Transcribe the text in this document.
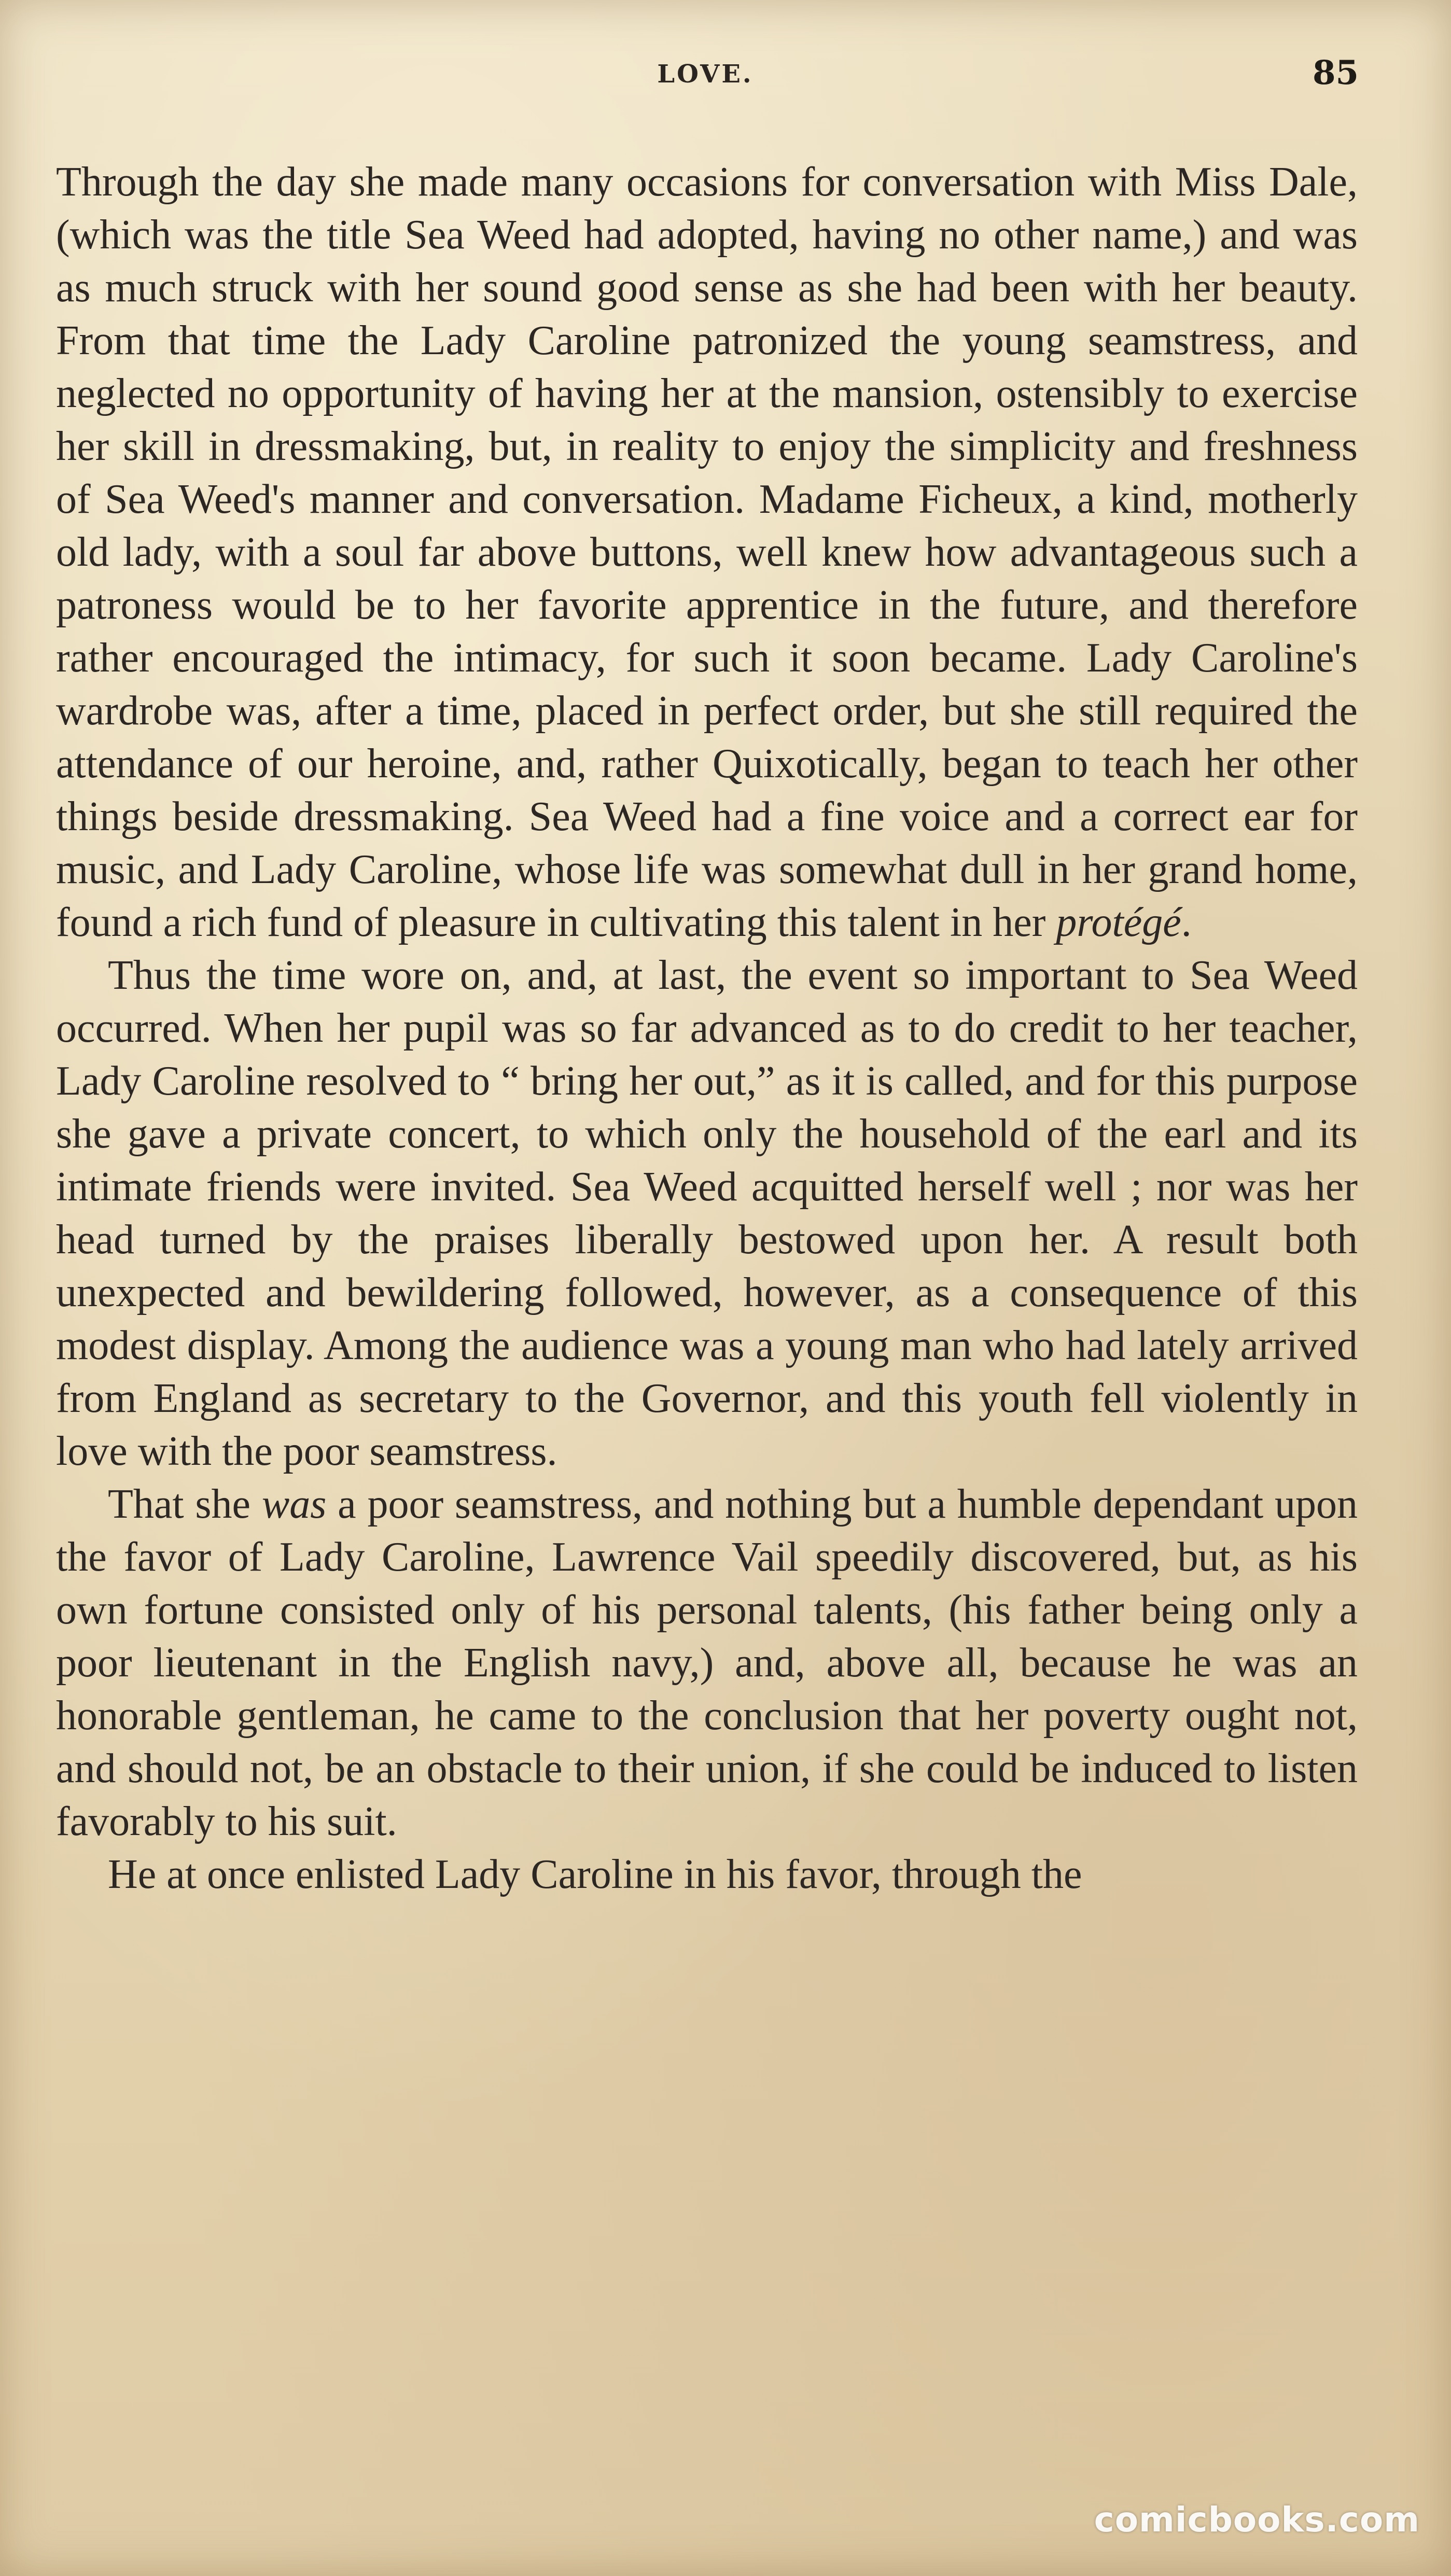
LOVE.	85

Through the day she made many occasions for conversation with Miss Dale, (which was the title Sea Weed had adopted, having no other name,) and was as much struck with her sound good sense as she had been with her beauty. From that time the Lady Caroline patronized the young seamstress, and neglected no opportunity of having her at the mansion, ostensibly to exercise her skill in dressmaking, but, in reality to enjoy the simplicity and freshness of Sea Weed's manner and conversation. Madame Ficheux, a kind, motherly old lady, with a soul far above buttons, well knew how advantageous such a patroness would be to her favorite apprentice in the future, and therefore rather encouraged the intimacy, for such it soon became. Lady Caroline's wardrobe was, after a time, placed in perfect order, but she still required the attendance of our heroine, and, rather Quixotically, began to teach her other things beside dressmaking. Sea Weed had a fine voice and a correct ear for music, and Lady Caroline, whose life was somewhat dull in her grand home, found a rich fund of pleasure in cultivating this talent in her protégé.

Thus the time wore on, and, at last, the event so important to Sea Weed occurred. When her pupil was so far advanced as to do credit to her teacher, Lady Caroline resolved to “ bring her out,” as it is called, and for this purpose she gave a private concert, to which only the household of the earl and its intimate friends were invited. Sea Weed acquitted herself well ; nor was her head turned by the praises liberally bestowed upon her. A result both unexpected and bewildering followed, however, as a consequence of this modest display. Among the audience was a young man who had lately arrived from England as secretary to the Governor, and this youth fell violently in love with the poor seamstress.

That she was a poor seamstress, and nothing but a humble dependant upon the favor of Lady Caroline, Lawrence Vail speedily discovered, but, as his own fortune consisted only of his personal talents, (his father being only a poor lieutenant in the English navy,) and, above all, because he was an honorable gentleman, he came to the conclusion that her poverty ought not, and should not, be an obstacle to their union, if she could be induced to listen favorably to his suit.

He at once enlisted Lady Caroline in his favor, through the

comicbooks.com
